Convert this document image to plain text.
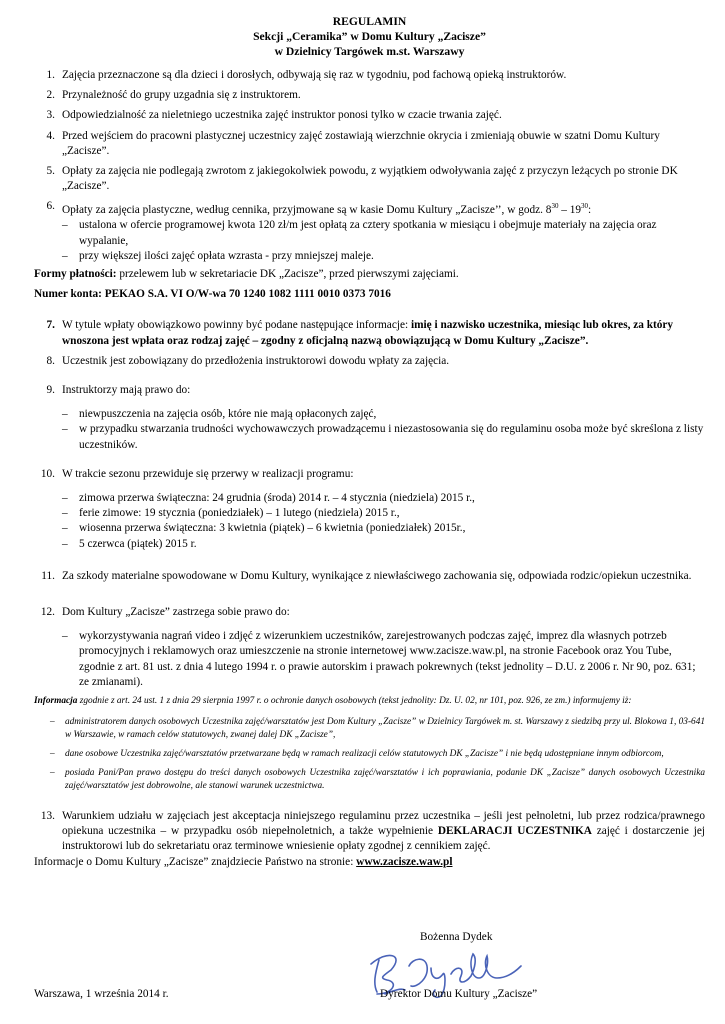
REGULAMIN
Sekcji „Ceramika” w Domu Kultury „Zacisze”
w Dzielnicy Targówek m.st. Warszawy
1. Zajęcia przeznaczone są dla dzieci i dorosłych, odbywają się raz w tygodniu, pod fachową opieką instruktorów.
2. Przynależność do grupy uzgadnia się z instruktorem.
3. Odpowiedzialność za nieletniego uczestnika zajęć instruktor ponosi tylko w czacie trwania zajęć.
4. Przed wejściem do pracowni plastycznej uczestnicy zajęć zostawiają wierzchnie okrycia i zmieniają obuwie w szatni Domu Kultury „Zacisze”.
5. Opłaty za zajęcia nie podlegają zwrotom z jakiegokolwiek powodu, z wyjątkiem odwoływania zajęć z przyczyn leżących po stronie DK „Zacisze”.
6. Opłaty za zajęcia plastyczne, według cennika, przyjmowane są w kasie Domu Kultury „Zacisze’’, w godz. $8^{30} - 19^{30}$:
– ustalona w ofercie programowej kwota 120 zł/m jest opłatą za cztery spotkania w miesiącu i obejmuje materiały na zajęcia oraz wypalanie,
– przy większej ilości zajęć opłata wzrasta - przy mniejszej maleje.
Formy płatności: przelewem lub w sekretariacie DK „Zacisze”, przed pierwszymi zajęciami.
Numer konta: PEKAO S.A. VI O/W-wa 70 1240 1082 1111 0010 0373 7016
7. W tytule wpłaty obowiązkowo powinny być podane następujące informacje: imię i nazwisko uczestnika, miesiąc lub okres, za który wnoszona jest wpłata oraz rodzaj zajęć – zgodny z oficjalną nazwą obowiązującą w Domu Kultury „Zacisze”.
8. Uczestnik jest zobowiązany do przedłożenia instruktorowi dowodu wpłaty za zajęcia.
9. Instruktorzy mają prawo do:
– niewpuszczenia na zajęcia osób, które nie mają opłaconych zajęć,
– w przypadku stwarzania trudności wychowawczych prowadzącemu i niezastosowania się do regulaminu osoba może być skreślona z listy uczestników.
10. W trakcie sezonu przewiduje się przerwy w realizacji programu:
– zimowa przerwa świąteczna: 24 grudnia (środa) 2014 r. – 4 stycznia (niedziela) 2015 r.,
– ferie zimowe: 19 stycznia (poniedziałek) – 1 lutego (niedziela) 2015 r.,
– wiosenna przerwa świąteczna: 3 kwietnia (piątek) – 6 kwietnia (poniedziałek) 2015r.,
– 5 czerwca (piątek) 2015 r.
11. Za szkody materialne spowodowane w Domu Kultury, wynikające z niewłaściwego zachowania się, odpowiada rodzic/opiekun uczestnika.
12. Dom Kultury „Zacisze” zastrzega sobie prawo do:
– wykorzystywania nagrań video i zdjęć z wizerunkiem uczestników, zarejestrowanych podczas zajęć, imprez dla własnych potrzeb promocyjnych i reklamowych oraz umieszczenie na stronie internetowej www.zacisze.waw.pl, na stronie Facebook oraz You Tube, zgodnie z art. 81 ust. z dnia 4 lutego 1994 r. o prawie autorskim i prawach pokrewnych (tekst jednolity – D.U. z 2006 r. Nr 90, poz. 631; ze zmianami).
Informacja zgodnie z art. 24 ust. 1 z dnia 29 sierpnia 1997 r. o ochronie danych osobowych (tekst jednolity: Dz. U. 02, nr 101, poz. 926, ze zm.) informujemy iż:
– administratorem danych osobowych Uczestnika zajęć/warsztatów jest Dom Kultury „Zacisze” w Dzielnicy Targówek m. st. Warszawy z siedzibą przy ul. Blokowa 1, 03-641 w Warszawie, w ramach celów statutowych, zwanej dalej DK „Zacisze”,
– dane osobowe Uczestnika zajęć/warsztatów przetwarzane będą w ramach realizacji celów statutowych DK „Zacisze” i nie będą udostępniane innym odbiorcom,
– posiada Pani/Pan prawo dostępu do treści danych osobowych Uczestnika zajęć/warsztatów i ich poprawiania, podanie DK „Zacisze” danych osobowych Uczestnika zajęć/warsztatów jest dobrowolne, ale stanowi warunek uczestnictwa.
13. Warunkiem udziału w zajęciach jest akceptacja niniejszego regulaminu przez uczestnika – jeśli jest pełnoletni, lub przez rodzica/prawnego opiekuna uczestnika – w przypadku osób niepełnoletnich, a także wypełnienie DEKLARACJI UCZESTNIKA zajęć i dostarczenie jej instruktorowi lub do sekretariatu oraz terminowe wniesienie opłaty zgodnej z cennikiem zajęć.
Informacje o Domu Kultury „Zacisze” znajdziecie Państwo na stronie: www.zacisze.waw.pl
Bożenna Dydek
Warszawa, 1 września 2014 r.	Dyrektor Domu Kultury „Zacisze”
